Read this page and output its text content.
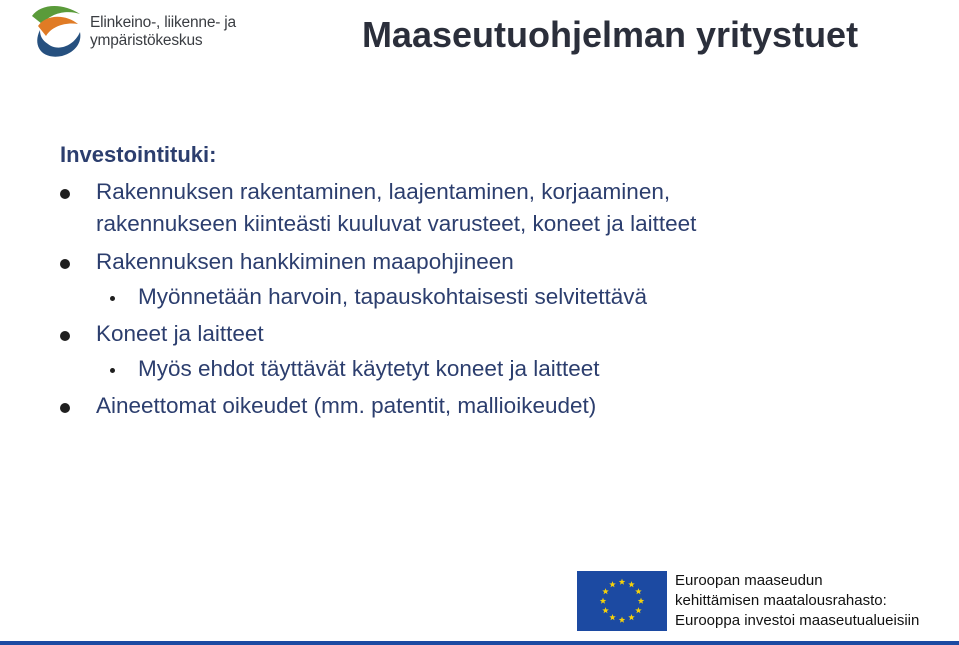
Elinkeino-, liikenne- ja
ympäristökeskus	Maaseutuohjelman yritystuet
Investointituki:
Rakennuksen rakentaminen, laajentaminen, korjaaminen,
rakennukseen kiinteästi kuuluvat varusteet, koneet ja laitteet
Rakennuksen hankkiminen maapohjineen
Myönnetään harvoin, tapauskohtaisesti selvitettävä
Koneet ja laitteet
Myös ehdot täyttävät käytetyt koneet ja laitteet
Aineettomat oikeudet (mm. patentit, mallioikeudet)
Euroopan maaseudun
kehittämisen maatalousrahasto:
Eurooppa investoi maaseutualueisiin
